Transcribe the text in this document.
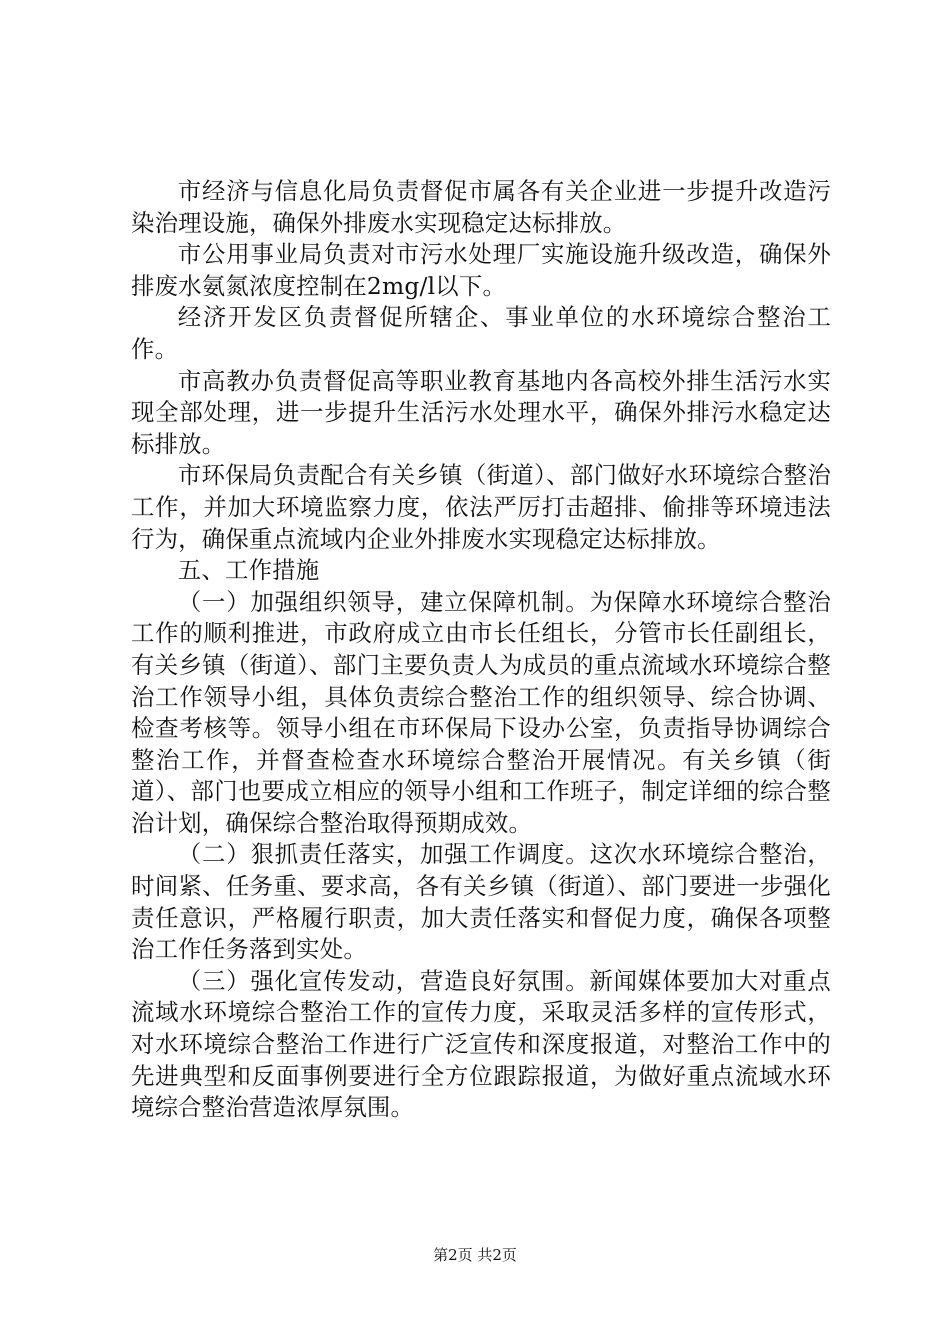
市经济与信息化局负责督促市属各有关企业进一步提升改造污染治理设施，确保外排废水实现稳定达标排放。

市公用事业局负责对市污水处理厂实施设施升级改造，确保外排废水氨氮浓度控制在2mg/l以下。

经济开发区负责督促所辖企、事业单位的水环境综合整治工作。

市高教办负责督促高等职业教育基地内各高校外排生活污水实现全部处理，进一步提升生活污水处理水平，确保外排污水稳定达标排放。

市环保局负责配合有关乡镇（街道）、部门做好水环境综合整治工作，并加大环境监察力度，依法严厉打击超排、偷排等环境违法行为，确保重点流域内企业外排废水实现稳定达标排放。

五、工作措施

（一）加强组织领导，建立保障机制。为保障水环境综合整治工作的顺利推进，市政府成立由市长任组长，分管市长任副组长，有关乡镇（街道）、部门主要负责人为成员的重点流域水环境综合整治工作领导小组，具体负责综合整治工作的组织领导、综合协调、检查考核等。领导小组在市环保局下设办公室，负责指导协调综合整治工作，并督查检查水环境综合整治开展情况。有关乡镇（街道）、部门也要成立相应的领导小组和工作班子，制定详细的综合整治计划，确保综合整治取得预期成效。

（二）狠抓责任落实，加强工作调度。这次水环境综合整治，时间紧、任务重、要求高，各有关乡镇（街道）、部门要进一步强化责任意识，严格履行职责，加大责任落实和督促力度，确保各项整治工作任务落到实处。

（三）强化宣传发动，营造良好氛围。新闻媒体要加大对重点流域水环境综合整治工作的宣传力度，采取灵活多样的宣传形式，对水环境综合整治工作进行广泛宣传和深度报道，对整治工作中的先进典型和反面事例要进行全方位跟踪报道，为做好重点流域水环境综合整治营造浓厚氛围。

第2页 共2页
